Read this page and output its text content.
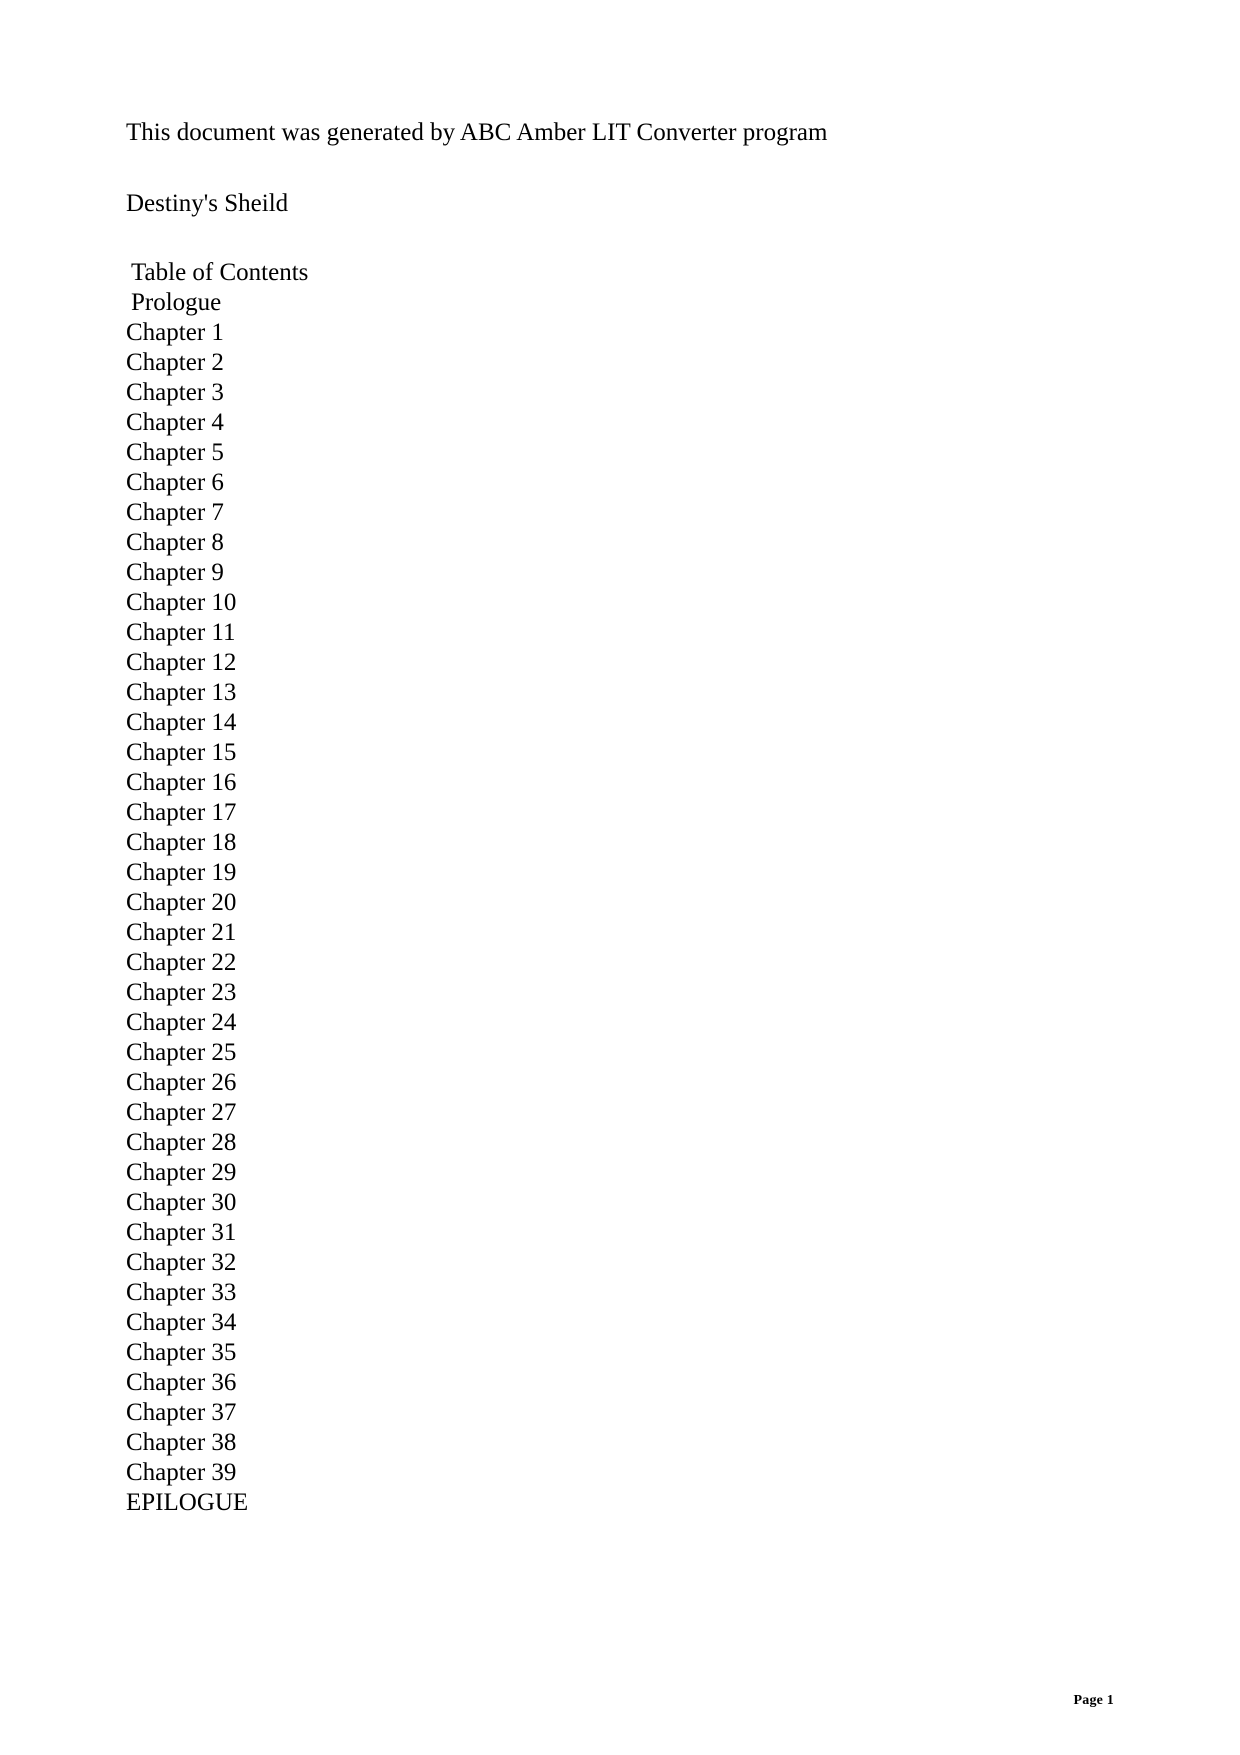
This document was generated by ABC Amber LIT Converter program

Destiny's Sheild

Table of Contents

Prologue
Chapter 1
Chapter 2
Chapter 3
Chapter 4
Chapter 5
Chapter 6
Chapter 7
Chapter 8
Chapter 9
Chapter 10
Chapter 11
Chapter 12
Chapter 13
Chapter 14
Chapter 15
Chapter 16
Chapter 17
Chapter 18
Chapter 19
Chapter 20
Chapter 21
Chapter 22
Chapter 23
Chapter 24
Chapter 25
Chapter 26
Chapter 27
Chapter 28
Chapter 29
Chapter 30
Chapter 31
Chapter 32
Chapter 33
Chapter 34
Chapter 35
Chapter 36
Chapter 37
Chapter 38
Chapter 39
EPILOGUE
Page 1
